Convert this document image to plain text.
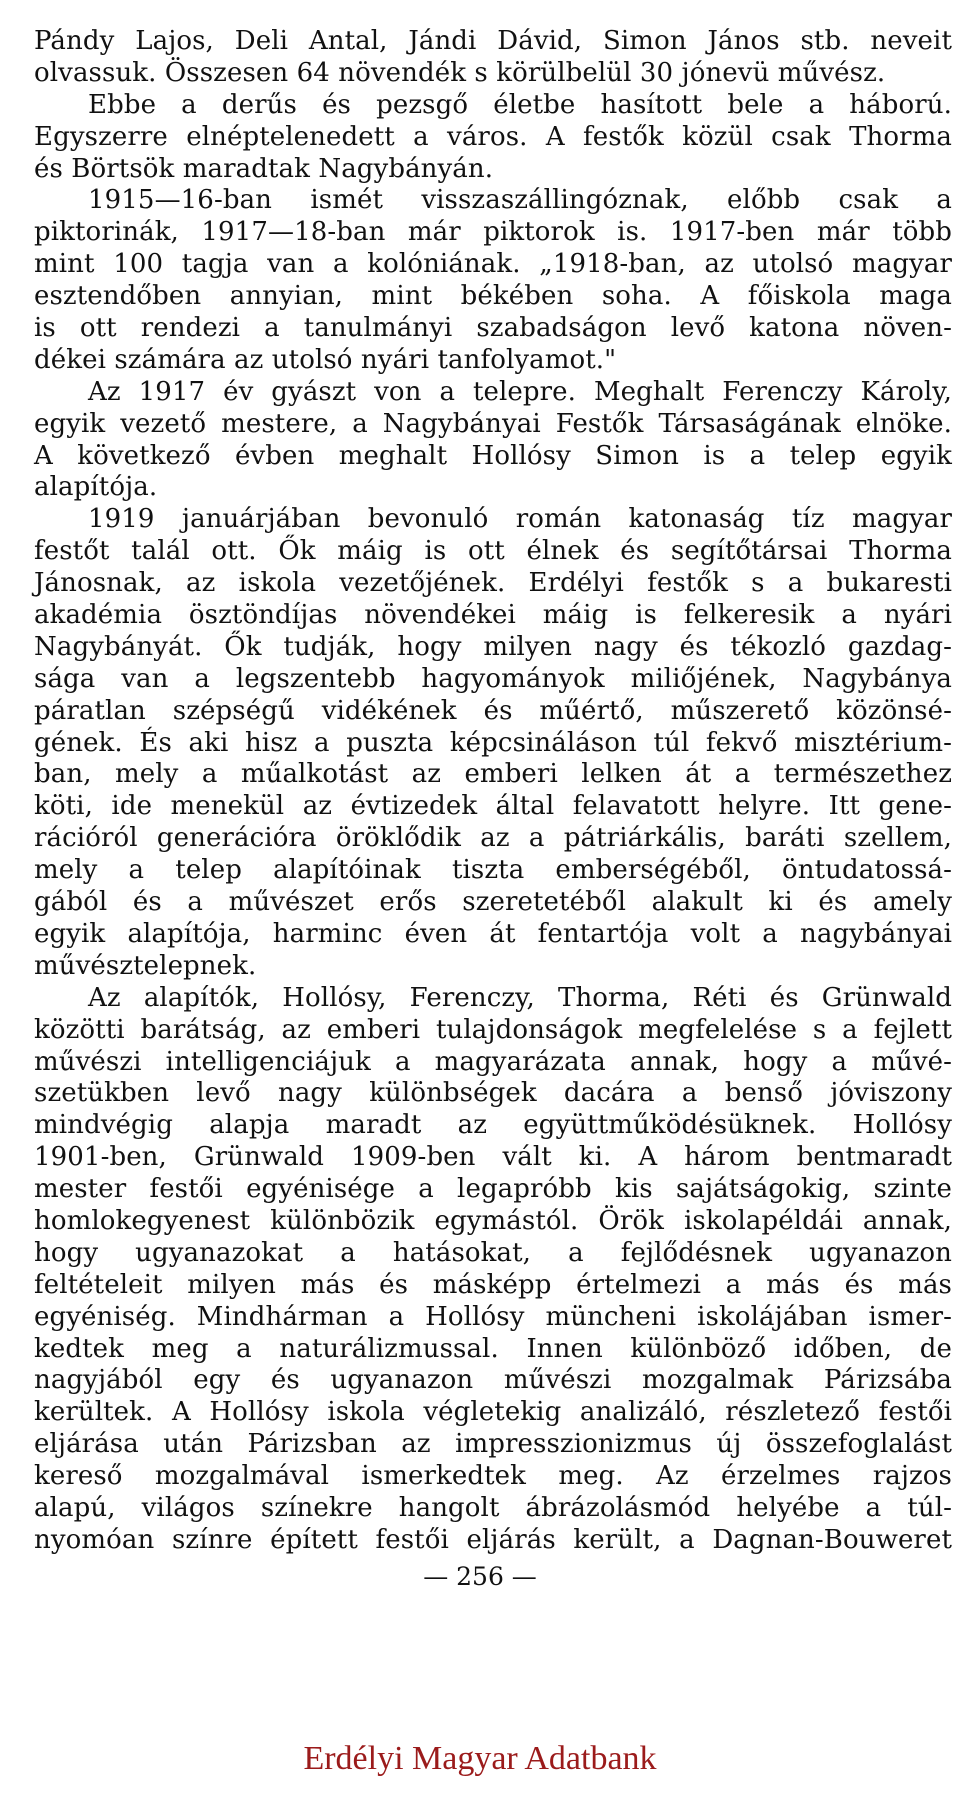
Pándy Lajos, Deli Antal, Jándi Dávid, Simon János stb. neveit
olvassuk. Összesen 64 növendék s körülbelül 30 jónevü művész.
Ebbe a derűs és pezsgő életbe hasított bele a háború.
Egyszerre elnéptelenedett a város. A festők közül csak Thorma
és Börtsök maradtak Nagybányán.
1915—16-ban ismét visszaszállingóznak, előbb csak a
piktorinák, 1917—18-ban már piktorok is. 1917-ben már több
mint 100 tagja van a kolóniának. „1918-ban, az utolsó magyar
esztendőben annyian, mint békében soha. A főiskola maga
is ott rendezi a tanulmányi szabadságon levő katona növen-
dékei számára az utolsó nyári tanfolyamot."
Az 1917 év gyászt von a telepre. Meghalt Ferenczy Károly,
egyik vezető mestere, a Nagybányai Festők Társaságának elnöke.
A következő évben meghalt Hollósy Simon is a telep egyik
alapítója.
1919 januárjában bevonuló román katonaság tíz magyar
festőt talál ott. Ők máig is ott élnek és segítőtársai Thorma
Jánosnak, az iskola vezetőjének. Erdélyi festők s a bukaresti
akadémia ösztöndíjas növendékei máig is felkeresik a nyári
Nagybányát. Ők tudják, hogy milyen nagy és tékozló gazdag-
sága van a legszentebb hagyományok miliőjének, Nagybánya
páratlan szépségű vidékének és műértő, műszerető közönsé-
gének. És aki hisz a puszta képcsináláson túl fekvő misztérium-
ban, mely a műalkotást az emberi lelken át a természethez
köti, ide menekül az évtizedek által felavatott helyre. Itt gene-
rációról generációra öröklődik az a pátriárkális, baráti szellem,
mely a telep alapítóinak tiszta emberségéből, öntudatossá-
gából és a művészet erős szeretetéből alakult ki és amely
egyik alapítója, harminc éven át fentartója volt a nagybányai
művésztelepnek.
Az alapítók, Hollósy, Ferenczy, Thorma, Réti és Grünwald
közötti barátság, az emberi tulajdonságok megfelelése s a fejlett
művészi intelligenciájuk a magyarázata annak, hogy a művé-
szetükben levő nagy különbségek dacára a benső jóviszony
mindvégig alapja maradt az együttműködésüknek. Hollósy
1901-ben, Grünwald 1909-ben vált ki. A három bentmaradt
mester festői egyénisége a legapróbb kis sajátságokig, szinte
homlokegyenest különbözik egymástól. Örök iskolapéldái annak,
hogy ugyanazokat a hatásokat, a fejlődésnek ugyanazon
feltételeit milyen más és másképp értelmezi a más és más
egyéniség. Mindhárman a Hollósy müncheni iskolájában ismer-
kedtek meg a naturálizmussal. Innen különböző időben, de
nagyjából egy és ugyanazon művészi mozgalmak Párizsába
kerültek. A Hollósy iskola végletekig analizáló, részletező festői
eljárása után Párizsban az impresszionizmus új összefoglalást
kereső mozgalmával ismerkedtek meg. Az érzelmes rajzos
alapú, világos színekre hangolt ábrázolásmód helyébe a túl-
nyomóan színre épített festői eljárás került, a Dagnan-Bouweret
— 256 —
Erdélyi Magyar Adatbank
